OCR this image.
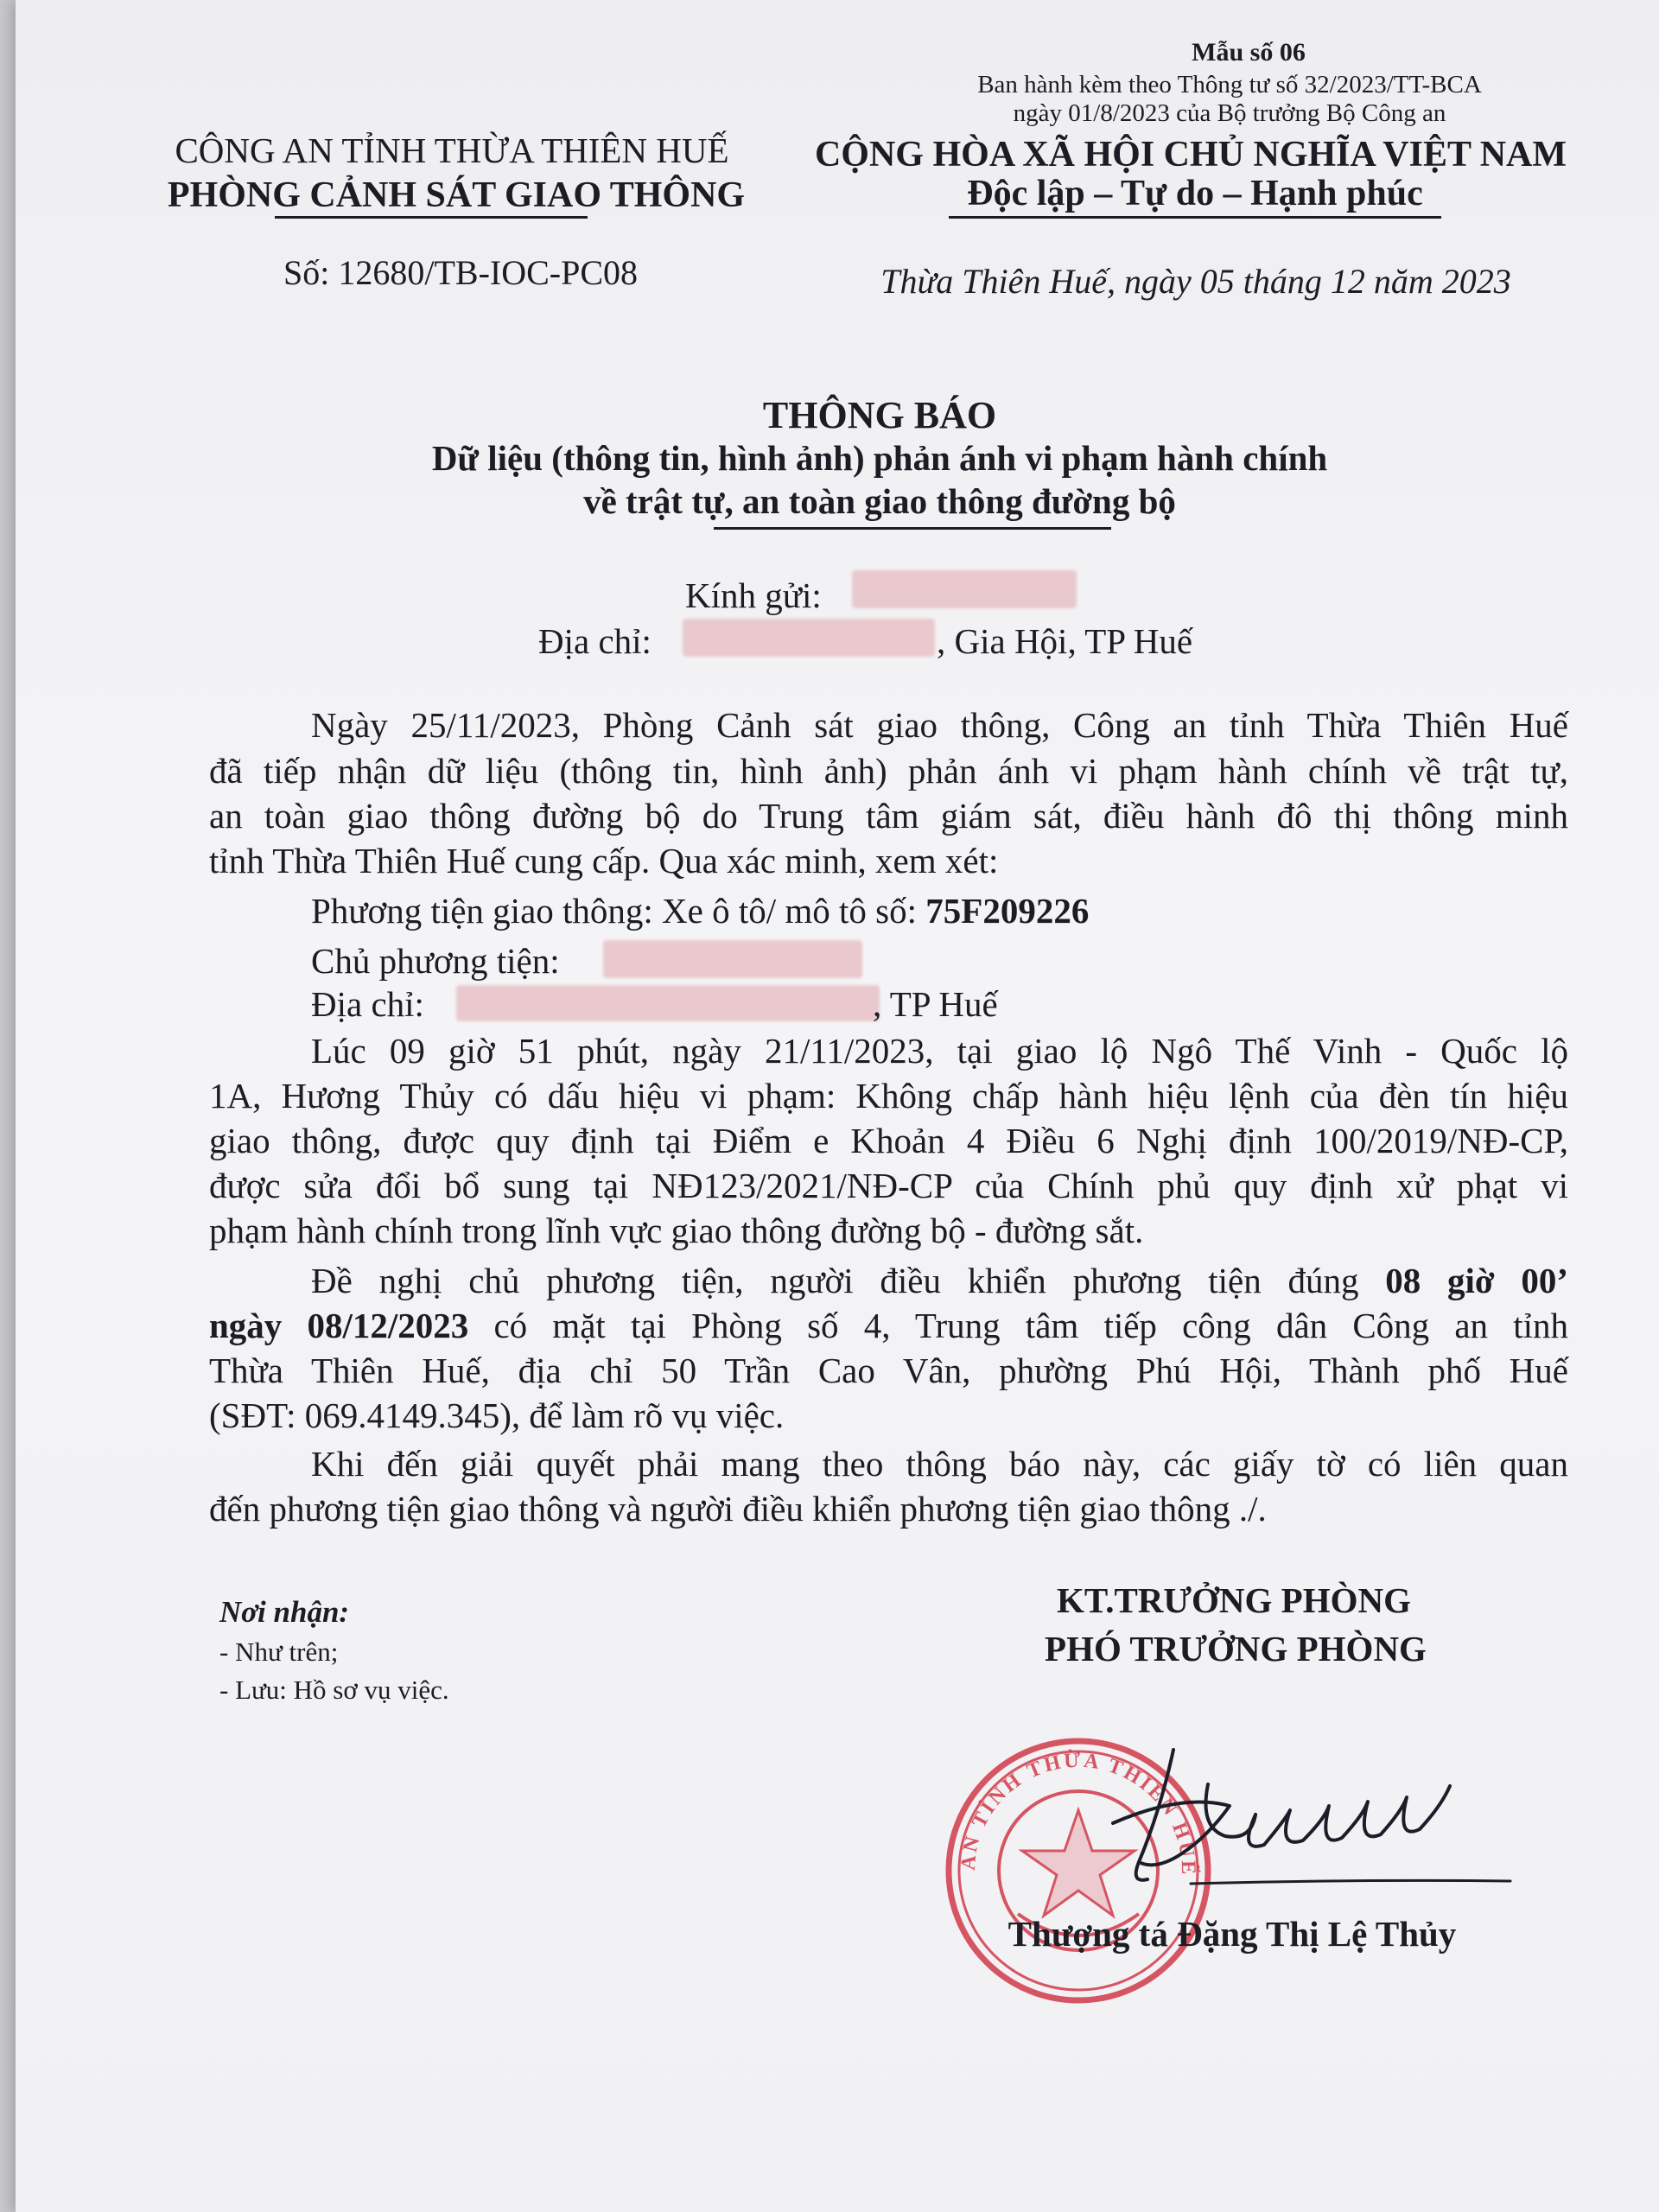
Mẫu số 06
Ban hành kèm theo Thông tư số 32/2023/TT-BCA
ngày 01/8/2023 của Bộ trưởng Bộ Công an
CÔNG AN TỈNH THỪA THIÊN HUẾ
PHÒNG CẢNH SÁT GIAO THÔNG
Số: 12680/TB-IOC-PC08
CỘNG HÒA XÃ HỘI CHỦ NGHĨA VIỆT NAM
Độc lập – Tự do – Hạnh phúc
Thừa Thiên Huế, ngày 05 tháng 12 năm 2023
THÔNG BÁO
Dữ liệu (thông tin, hình ảnh) phản ánh vi phạm hành chính
về trật tự, an toàn giao thông đường bộ
Kính gửi:
Địa chỉ:	, Gia Hội, TP Huế
Ngày 25/11/2023, Phòng Cảnh sát giao thông, Công an tỉnh Thừa Thiên Huế
đã tiếp nhận dữ liệu (thông tin, hình ảnh) phản ánh vi phạm hành chính về trật tự,
an toàn giao thông đường bộ do Trung tâm giám sát, điều hành đô thị thông minh
tỉnh Thừa Thiên Huế cung cấp. Qua xác minh, xem xét:
Phương tiện giao thông: Xe ô tô/ mô tô số: 75F209226
Chủ phương tiện:
Địa chỉ:	, TP Huế
Lúc 09 giờ 51 phút, ngày 21/11/2023, tại giao lộ Ngô Thế Vinh - Quốc lộ
1A, Hương Thủy có dấu hiệu vi phạm: Không chấp hành hiệu lệnh của đèn tín hiệu
giao thông, được quy định tại Điểm e Khoản 4 Điều 6 Nghị định 100/2019/NĐ-CP,
được sửa đổi bổ sung tại NĐ123/2021/NĐ-CP của Chính phủ quy định xử phạt vi
phạm hành chính trong lĩnh vực giao thông đường bộ - đường sắt.
Đề nghị chủ phương tiện, người điều khiển phương tiện đúng 08 giờ 00’
ngày 08/12/2023 có mặt tại Phòng số 4, Trung tâm tiếp công dân Công an tỉnh
Thừa Thiên Huế, địa chỉ 50 Trần Cao Vân, phường Phú Hội, Thành phố Huế
(SĐT: 069.4149.345), để làm rõ vụ việc.
Khi đến giải quyết phải mang theo thông báo này, các giấy tờ có liên quan
đến phương tiện giao thông và người điều khiển phương tiện giao thông ./.
Nơi nhận:
- Như trên;
- Lưu: Hồ sơ vụ việc.
KT.TRƯỞNG PHÒNG
PHÓ TRƯỞNG PHÒNG
AN TỈNH THỪA THIÊN HUẾ
Thượng tá Đặng Thị Lệ Thủy
